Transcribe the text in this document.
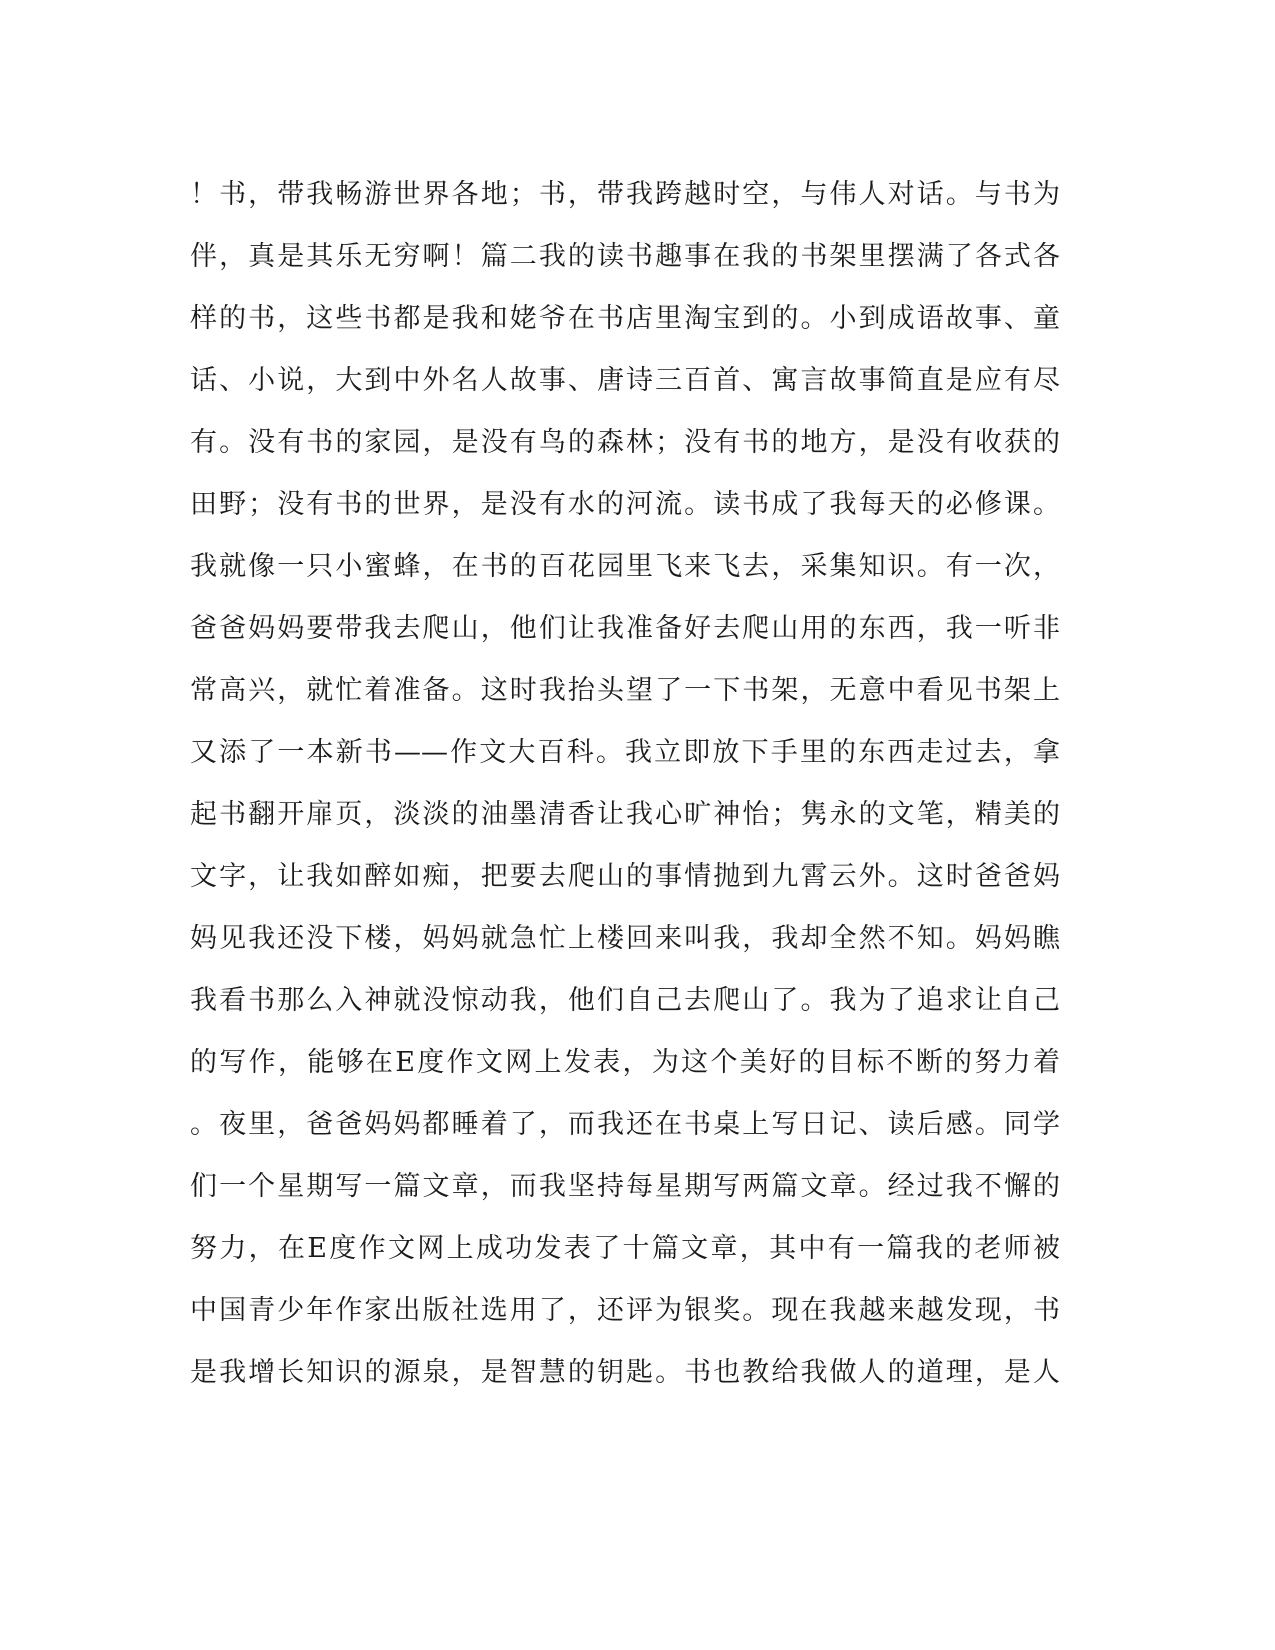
！书，带我畅游世界各地；书，带我跨越时空，与伟人对话。与书为
伴，真是其乐无穷啊！篇二我的读书趣事在我的书架里摆满了各式各
样的书，这些书都是我和姥爷在书店里淘宝到的。小到成语故事、童
话、小说，大到中外名人故事、唐诗三百首、寓言故事简直是应有尽
有。没有书的家园，是没有鸟的森林；没有书的地方，是没有收获的
田野；没有书的世界，是没有水的河流。读书成了我每天的必修课。
我就像一只小蜜蜂，在书的百花园里飞来飞去，采集知识。有一次，
爸爸妈妈要带我去爬山，他们让我准备好去爬山用的东西，我一听非
常高兴，就忙着准备。这时我抬头望了一下书架，无意中看见书架上
又添了一本新书——作文大百科。我立即放下手里的东西走过去，拿
起书翻开扉页，淡淡的油墨清香让我心旷神怡；隽永的文笔，精美的
文字，让我如醉如痴，把要去爬山的事情抛到九霄云外。这时爸爸妈
妈见我还没下楼，妈妈就急忙上楼回来叫我，我却全然不知。妈妈瞧
我看书那么入神就没惊动我，他们自己去爬山了。我为了追求让自己
的写作，能够在E度作文网上发表，为这个美好的目标不断的努力着
。夜里，爸爸妈妈都睡着了，而我还在书桌上写日记、读后感。同学
们一个星期写一篇文章，而我坚持每星期写两篇文章。经过我不懈的
努力，在E度作文网上成功发表了十篇文章，其中有一篇我的老师被
中国青少年作家出版社选用了，还评为银奖。现在我越来越发现，书
是我增长知识的源泉，是智慧的钥匙。书也教给我做人的道理，是人
